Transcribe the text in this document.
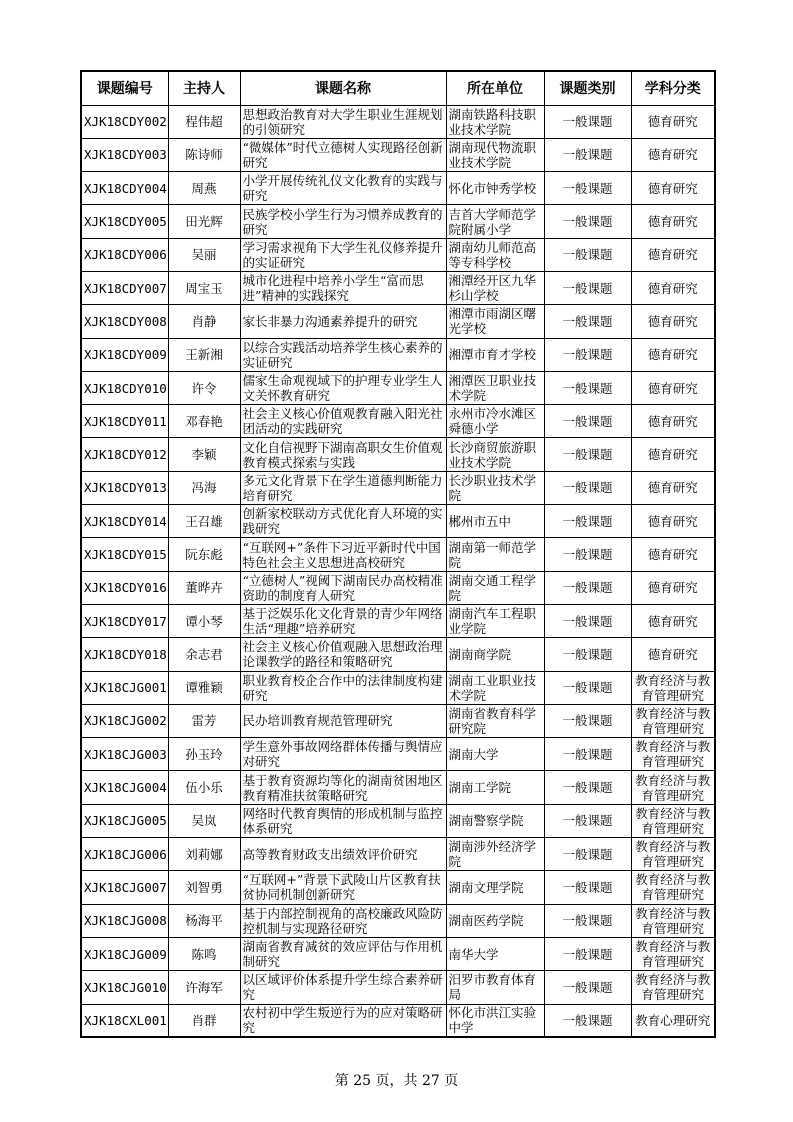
课题编号	主持人	课题名称	所在单位	课题类别	学科分类
XJK18CDY002	程伟超	思想政治教育对大学生职业生涯规划的引领研究	湖南铁路科技职业技术学院	一般课题	德育研究
XJK18CDY003	陈诗师	“微媒体”时代立德树人实现路径创新研究	湖南现代物流职业技术学院	一般课题	德育研究
XJK18CDY004	周燕	小学开展传统礼仪文化教育的实践与研究	怀化市钟秀学校	一般课题	德育研究
XJK18CDY005	田光辉	民族学校小学生行为习惯养成教育的研究	吉首大学师范学院附属小学	一般课题	德育研究
XJK18CDY006	吴丽	学习需求视角下大学生礼仪修养提升的实证研究	湖南幼儿师范高等专科学校	一般课题	德育研究
XJK18CDY007	周宝玉	城市化进程中培养小学生“富而思进”精神的实践探究	湘潭经开区九华杉山学校	一般课题	德育研究
XJK18CDY008	肖静	家长非暴力沟通素养提升的研究	湘潭市雨湖区曙光学校	一般课题	德育研究
XJK18CDY009	王新湘	以综合实践活动培养学生核心素养的实证研究	湘潭市育才学校	一般课题	德育研究
XJK18CDY010	许令	儒家生命观视域下的护理专业学生人文关怀教育研究	湘潭医卫职业技术学院	一般课题	德育研究
XJK18CDY011	邓春艳	社会主义核心价值观教育融入阳光社团活动的实践研究	永州市冷水滩区舜德小学	一般课题	德育研究
XJK18CDY012	李颖	文化自信视野下湖南高职女生价值观教育模式探索与实践	长沙商贸旅游职业技术学院	一般课题	德育研究
XJK18CDY013	冯海	多元文化背景下在学生道德判断能力培育研究	长沙职业技术学院	一般课题	德育研究
XJK18CDY014	王召雄	创新家校联动方式优化育人环境的实践研究	郴州市五中	一般课题	德育研究
XJK18CDY015	阮东彪	“互联网+”条件下习近平新时代中国特色社会主义思想进高校研究	湖南第一师范学院	一般课题	德育研究
XJK18CDY016	董晔卉	“立德树人”视阈下湖南民办高校精准资助的制度育人研究	湖南交通工程学院	一般课题	德育研究
XJK18CDY017	谭小琴	基于泛娱乐化文化背景的青少年网络生活“理趣”培养研究	湖南汽车工程职业学院	一般课题	德育研究
XJK18CDY018	余志君	社会主义核心价值观融入思想政治理论课教学的路径和策略研究	湖南商学院	一般课题	德育研究
XJK18CJG001	谭雅颖	职业教育校企合作中的法律制度构建研究	湖南工业职业技术学院	一般课题	教育经济与教育管理研究
XJK18CJG002	雷芳	民办培训教育规范管理研究	湖南省教育科学研究院	一般课题	教育经济与教育管理研究
XJK18CJG003	孙玉玲	学生意外事故网络群体传播与舆情应对研究	湖南大学	一般课题	教育经济与教育管理研究
XJK18CJG004	伍小乐	基于教育资源均等化的湖南贫困地区教育精准扶贫策略研究	湖南工学院	一般课题	教育经济与教育管理研究
XJK18CJG005	吴岚	网络时代教育舆情的形成机制与监控体系研究	湖南警察学院	一般课题	教育经济与教育管理研究
XJK18CJG006	刘莉娜	高等教育财政支出绩效评价研究	湖南涉外经济学院	一般课题	教育经济与教育管理研究
XJK18CJG007	刘智勇	“互联网+”背景下武陵山片区教育扶贫协同机制创新研究	湖南文理学院	一般课题	教育经济与教育管理研究
XJK18CJG008	杨海平	基于内部控制视角的高校廉政风险防控机制与实现路径研究	湖南医药学院	一般课题	教育经济与教育管理研究
XJK18CJG009	陈鸣	湖南省教育减贫的效应评估与作用机制研究	南华大学	一般课题	教育经济与教育管理研究
XJK18CJG010	许海军	以区域评价体系提升学生综合素养研究	汨罗市教育体育局	一般课题	教育经济与教育管理研究
XJK18CXL001	肖群	农村初中学生叛逆行为的应对策略研究	怀化市洪江实验中学	一般课题	教育心理研究
第 25 页，共 27 页
